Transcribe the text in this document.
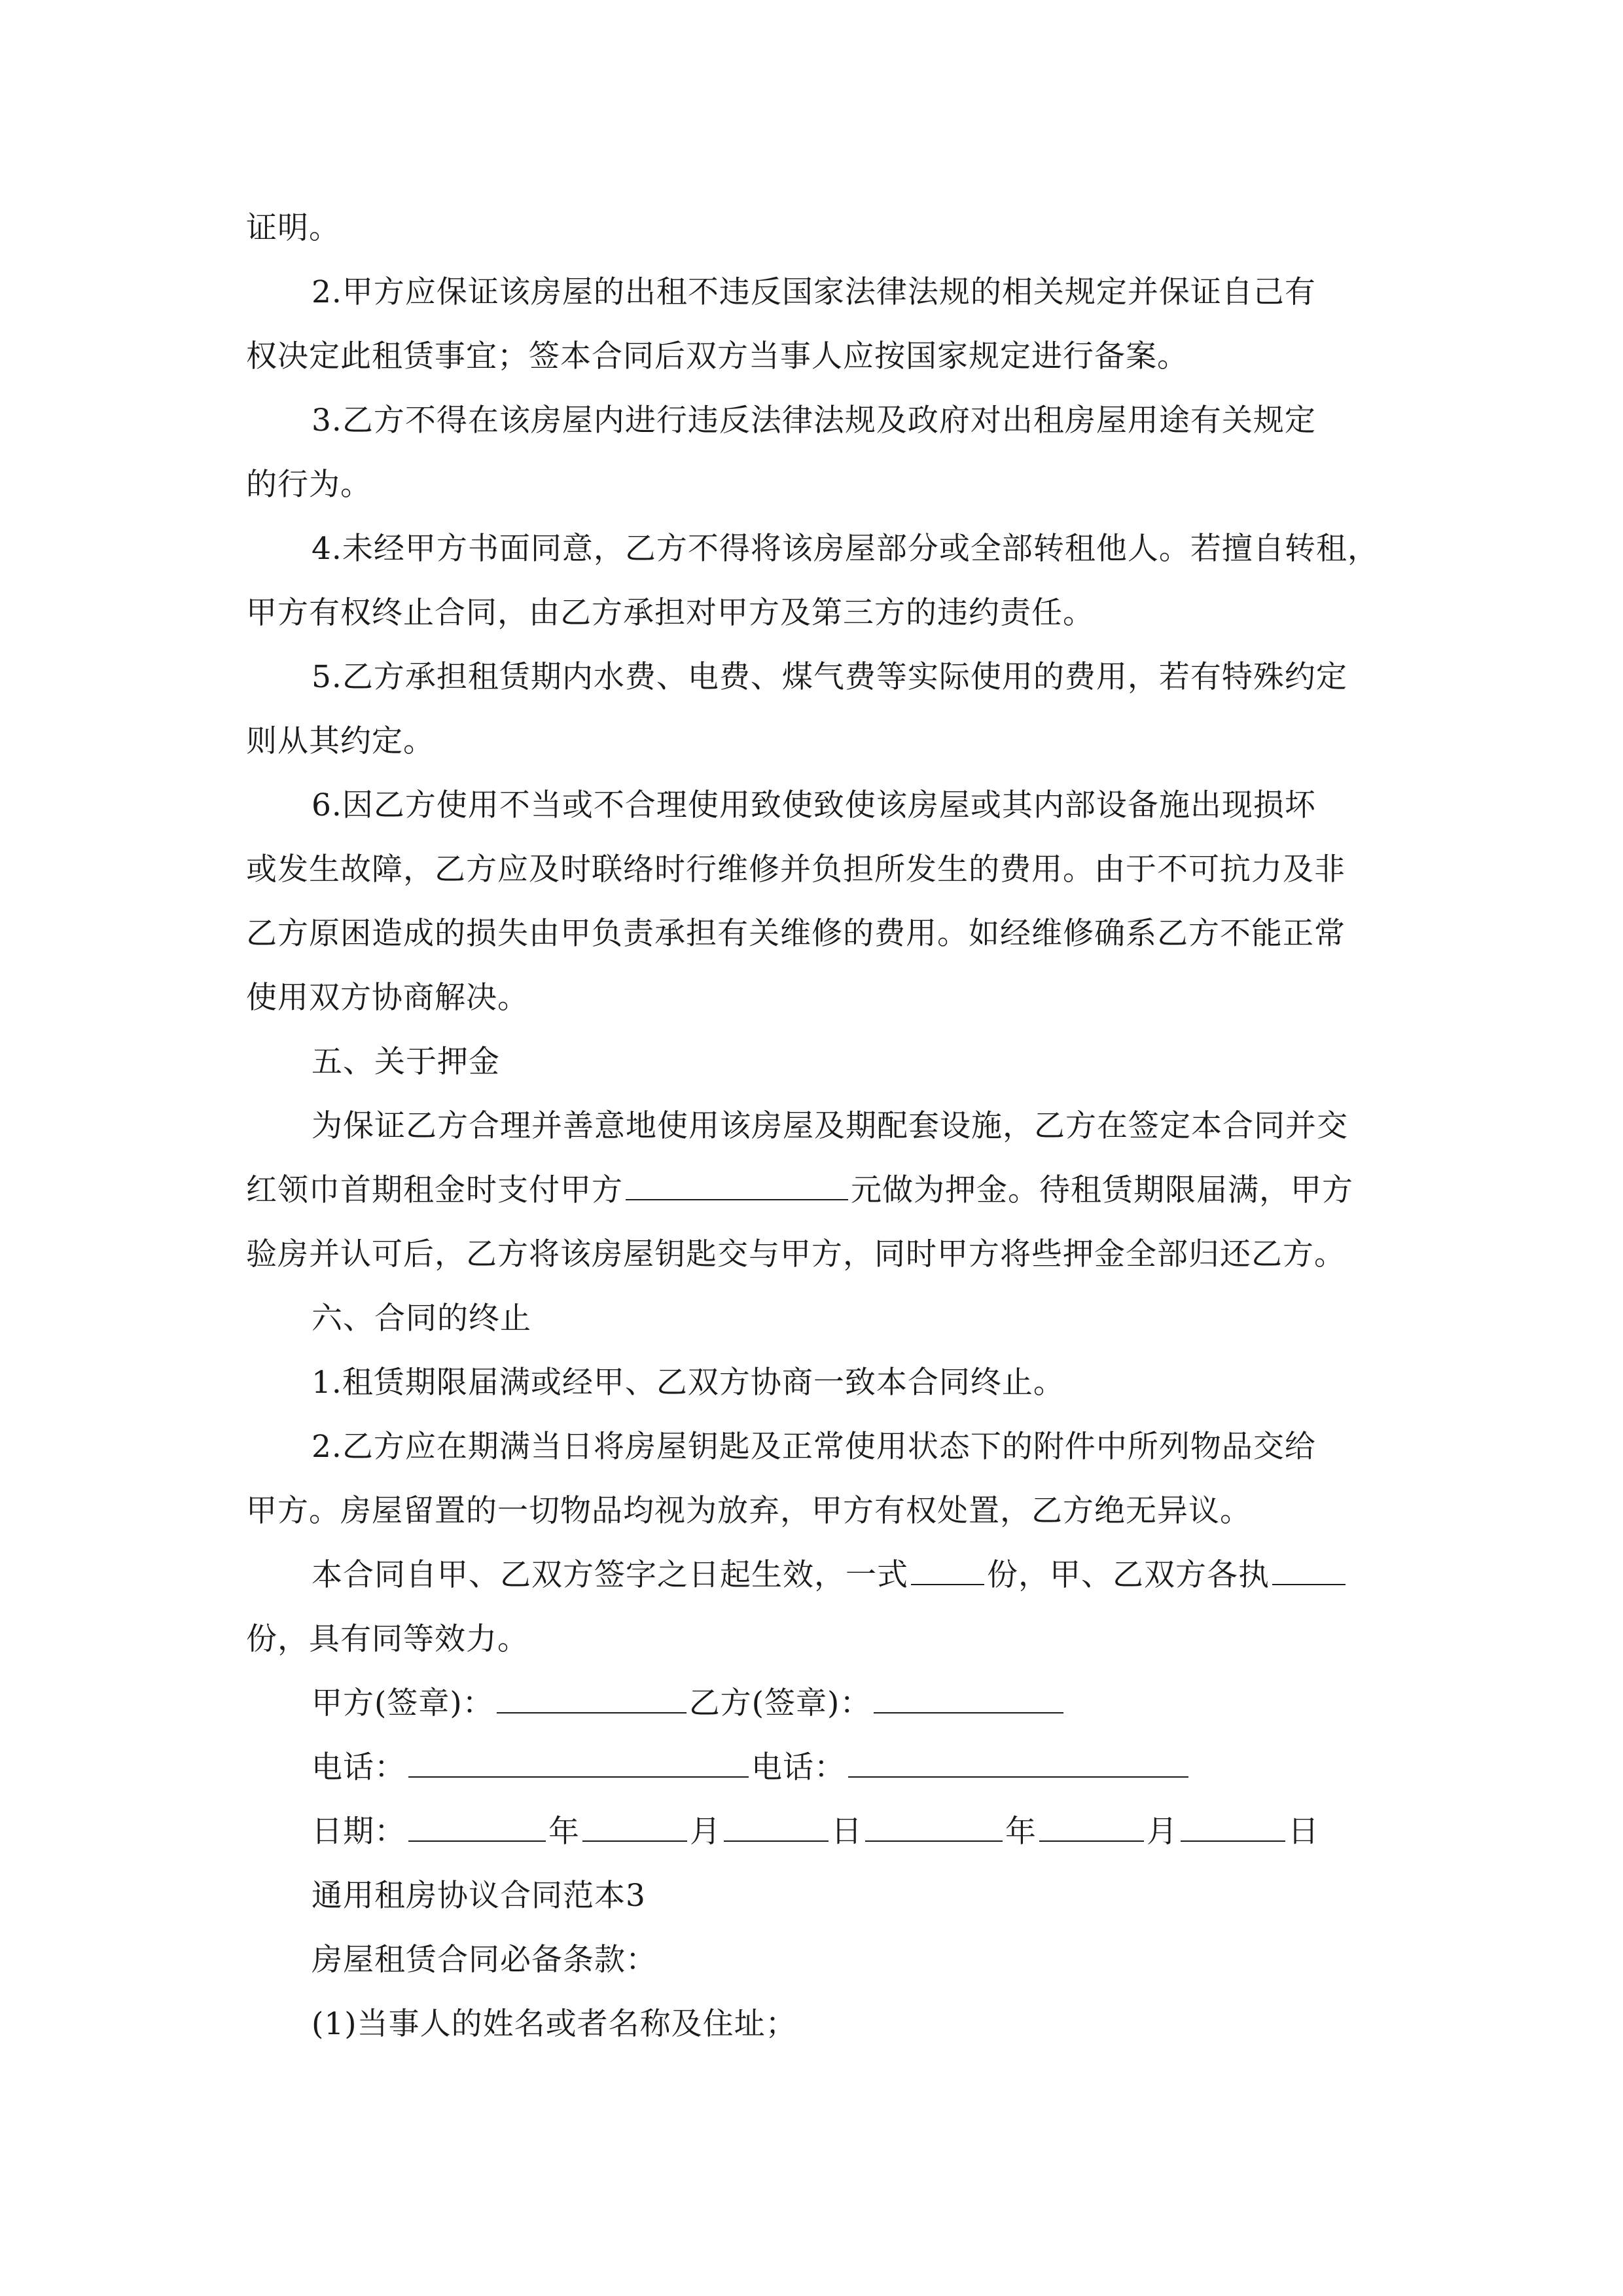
证明。
2.甲方应保证该房屋的出租不违反国家法律法规的相关规定并保证自己有
权决定此租赁事宜；签本合同后双方当事人应按国家规定进行备案。
3.乙方不得在该房屋内进行违反法律法规及政府对出租房屋用途有关规定
的行为。
4.未经甲方书面同意，乙方不得将该房屋部分或全部转租他人。若擅自转租，
甲方有权终止合同，由乙方承担对甲方及第三方的违约责任。
5.乙方承担租赁期内水费、电费、煤气费等实际使用的费用，若有特殊约定
则从其约定。
6.因乙方使用不当或不合理使用致使致使该房屋或其内部设备施出现损坏
或发生故障，乙方应及时联络时行维修并负担所发生的费用。由于不可抗力及非
乙方原困造成的损失由甲负责承担有关维修的费用。如经维修确系乙方不能正常
使用双方协商解决。
五、关于押金
为保证乙方合理并善意地使用该房屋及期配套设施，乙方在签定本合同并交
红领巾首期租金时支付甲方	元做为押金。待租赁期限届满，甲方
验房并认可后，乙方将该房屋钥匙交与甲方，同时甲方将些押金全部归还乙方。
六、合同的终止
1.租赁期限届满或经甲、乙双方协商一致本合同终止。
2.乙方应在期满当日将房屋钥匙及正常使用状态下的附件中所列物品交给
甲方。房屋留置的一切物品均视为放弃，甲方有权处置，乙方绝无异议。
本合同自甲、乙双方签字之日起生效，一式	份，甲、乙双方各执
份，具有同等效力。
甲方(签章)：	乙方(签章)：
电话：	电话：
日期：	年	月	日	年	月	日
通用租房协议合同范本3
房屋租赁合同必备条款：
(1)当事人的姓名或者名称及住址；
